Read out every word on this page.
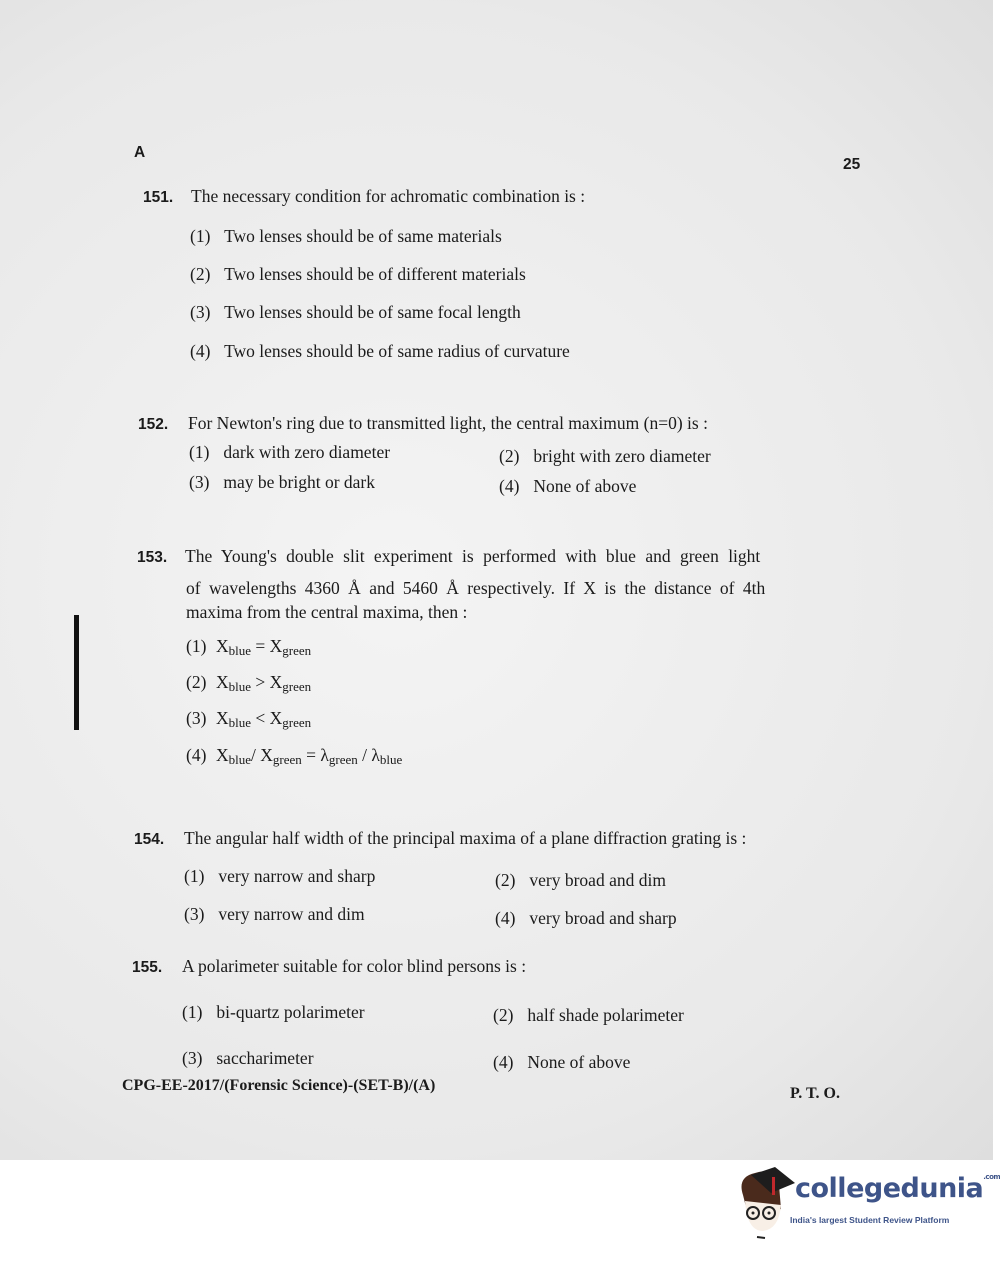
A
25
151. The necessary condition for achromatic combination is :
(1) Two lenses should be of same materials
(2) Two lenses should be of different materials
(3) Two lenses should be of same focal length
(4) Two lenses should be of same radius of curvature
152. For Newton's ring due to transmitted light, the central maximum (n=0) is :
(1) dark with zero diameter	(2) bright with zero diameter
(3) may be bright or dark	(4) None of above
153. The Young's double slit experiment is performed with blue and green light
of wavelengths 4360 Å and 5460 Å respectively. If X is the distance of 4th
maxima from the central maxima, then :
(1) $X_{blue} = X_{green}$
(2) $X_{blue} > X_{green}$
(3) $X_{blue} < X_{green}$
(4) $X_{blue}/$ $X_{green} = \lambda_{green} / \lambda_{blue}$
154. The angular half width of the principal maxima of a plane diffraction grating is :
(1) very narrow and sharp	(2) very broad and dim
(3) very narrow and dim	(4) very broad and sharp
155. A polarimeter suitable for color blind persons is :
(1) bi-quartz polarimeter	(2) half shade polarimeter
(3) saccharimeter	(4) None of above
CPG-EE-2017/(Forensic Science)-(SET-B)/(A)	P. T. O.
collegedunia$^{.com}$
India's largest Student Review Platform
